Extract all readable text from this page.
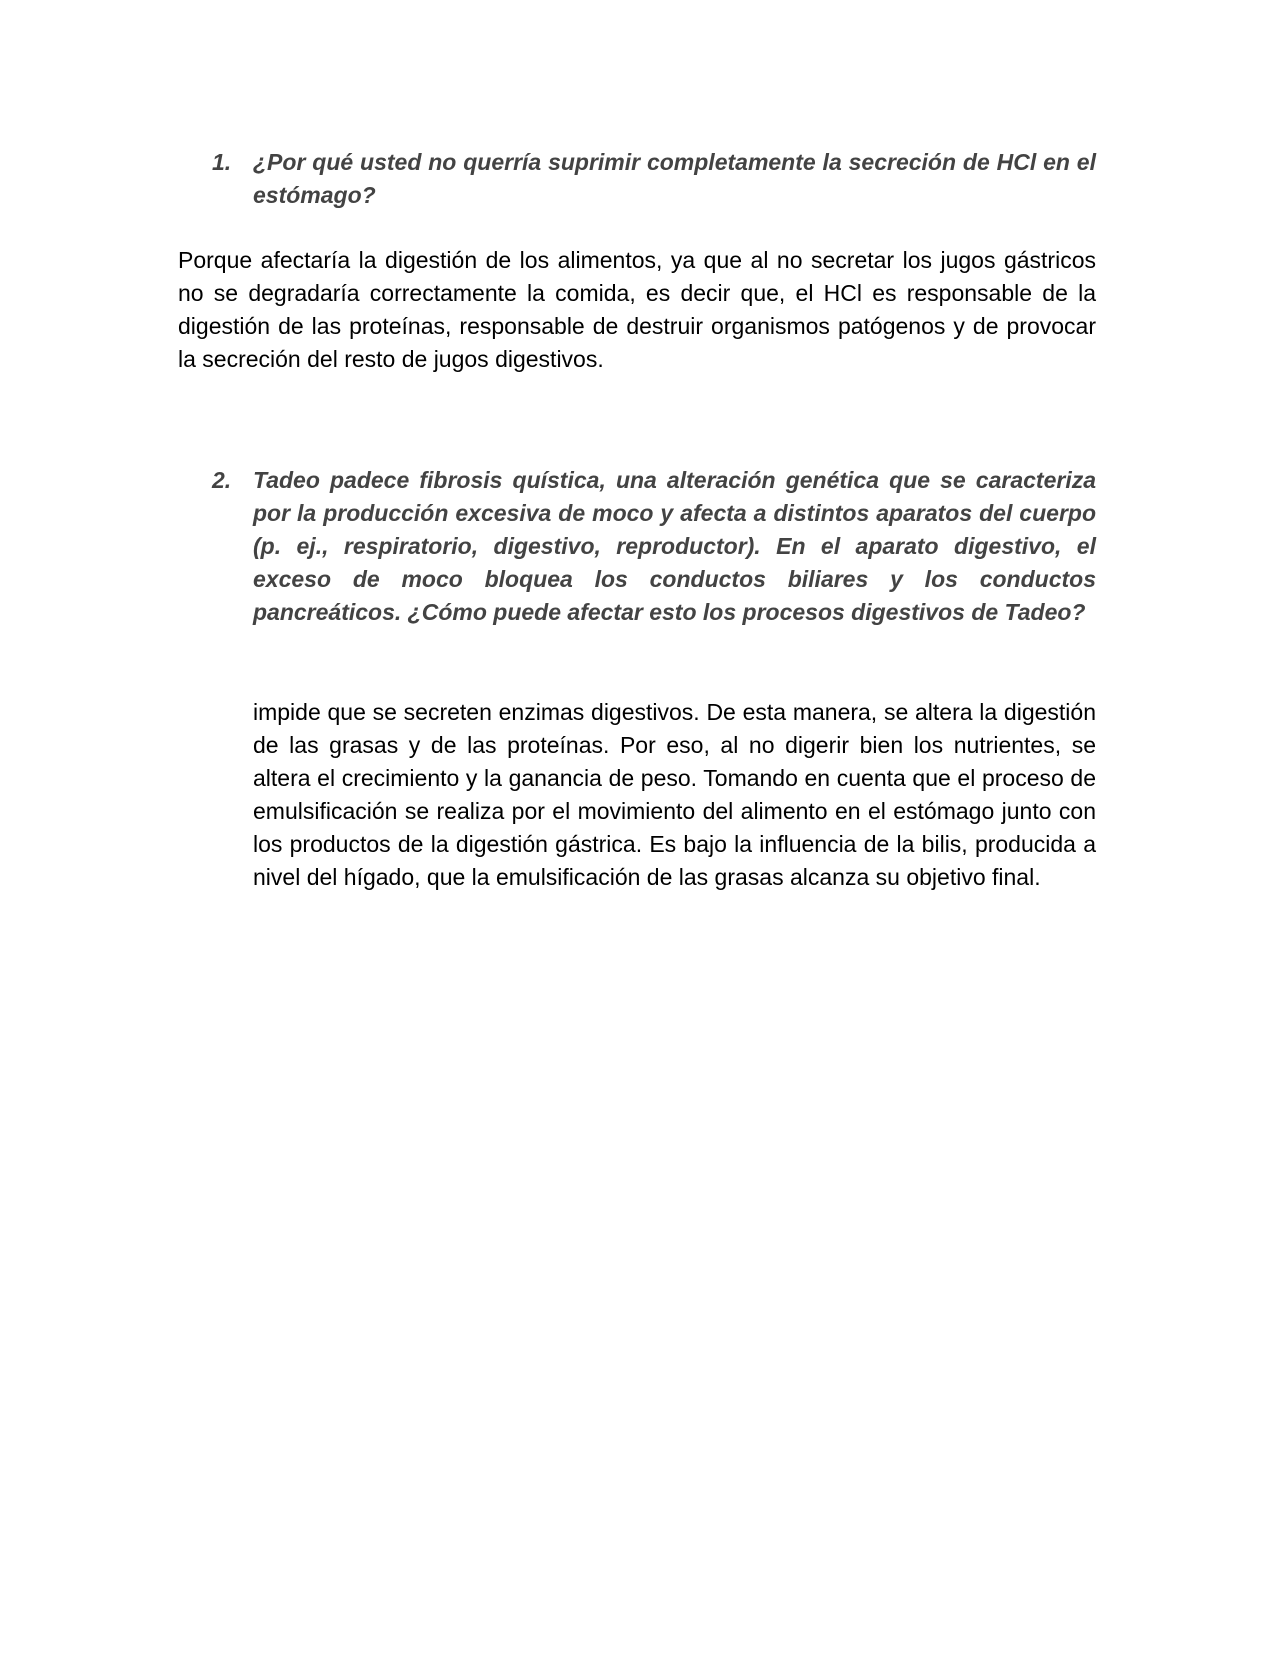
1. ¿Por qué usted no querría suprimir completamente la secreción de HCl en el estómago?
Porque afectaría la digestión de los alimentos, ya que al no secretar los jugos gástricos no se degradaría correctamente la comida, es decir que, el HCl es responsable de la digestión de las proteínas, responsable de destruir organismos patógenos y de provocar la secreción del resto de jugos digestivos.
2. Tadeo padece fibrosis quística, una alteración genética que se caracteriza por la producción excesiva de moco y afecta a distintos aparatos del cuerpo (p. ej., respiratorio, digestivo, reproductor). En el aparato digestivo, el exceso de moco bloquea los conductos biliares y los conductos pancreáticos. ¿Cómo puede afectar esto los procesos digestivos de Tadeo?
impide que se secreten enzimas digestivos. De esta manera, se altera la digestión de las grasas y de las proteínas. Por eso, al no digerir bien los nutrientes, se altera el crecimiento y la ganancia de peso. Tomando en cuenta que el proceso de emulsificación se realiza por el movimiento del alimento en el estómago junto con los productos de la digestión gástrica. Es bajo la influencia de la bilis, producida a nivel del hígado, que la emulsificación de las grasas alcanza su objetivo final.
